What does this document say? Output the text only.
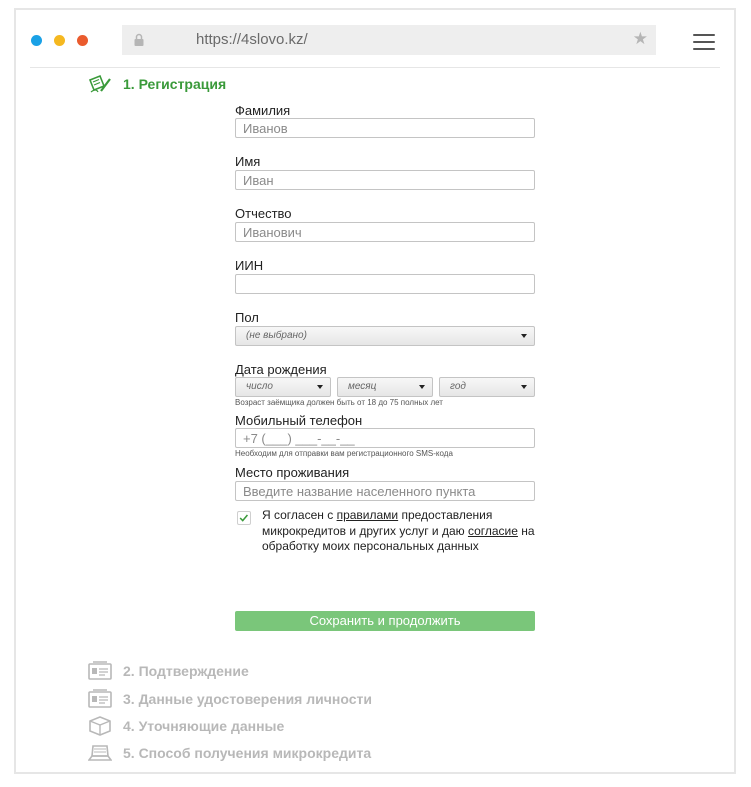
https://4slovo.kz/	★
1. Регистрация
Фамилия
Иванов
Имя
Иван
Отчество
Иванович
ИИН
Пол
(не выбрано)
Дата рождения
число	месяц	год
Возраст заёмщика должен быть от 18 до 75 полных лет
Мобильный телефон
+7 (___) ___-__-__
Необходим для отправки вам регистрационного SMS-кода
Место проживания
Введите название населенного пункта
Я согласен с правилами предоставления микрокредитов и других услуг и даю согласие на обработку моих персональных данных
Сохранить и продолжить
2. Подтверждение
3. Данные удостоверения личности
4. Уточняющие данные
5. Способ получения микрокредита
